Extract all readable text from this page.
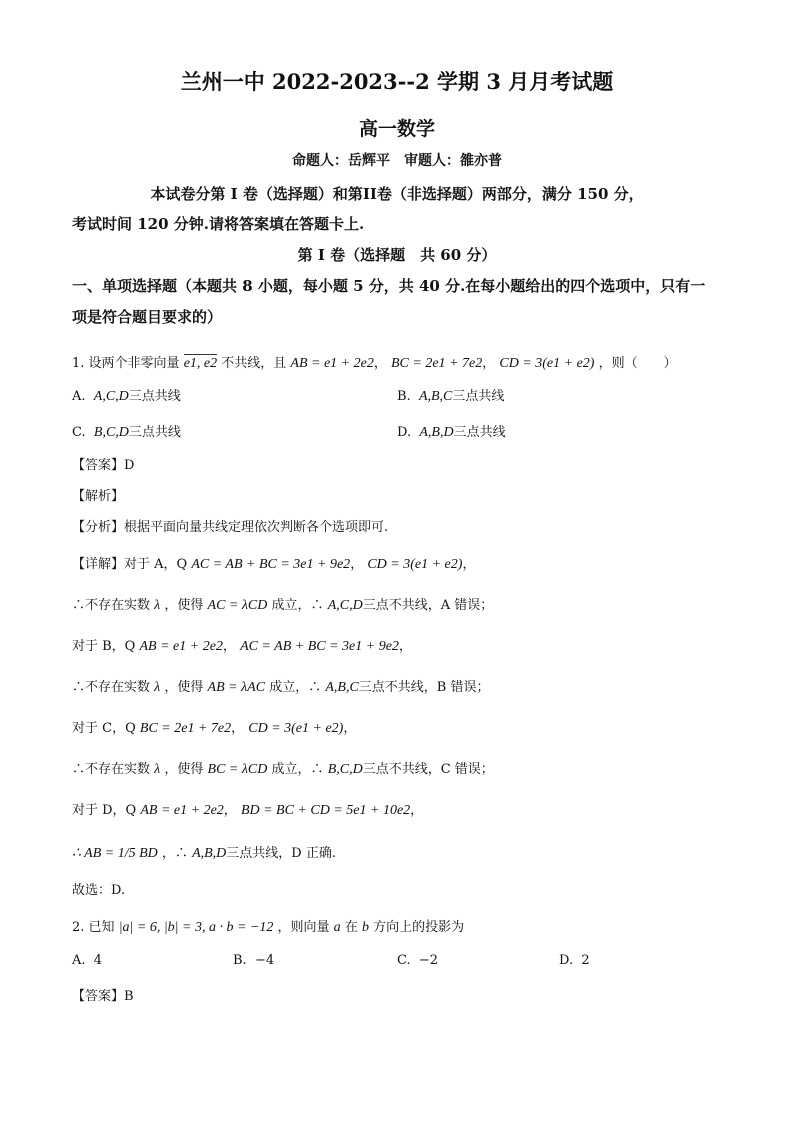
兰州一中 2022-2023--2 学期 3 月月考试题
高一数学
命题人：岳辉平　审题人：雒亦普
本试卷分第 I 卷（选择题）和第II卷（非选择题）两部分，满分 150 分，
考试时间 120 分钟.请将答案填在答题卡上.
第 I 卷（选择题　共 60 分）
一、单项选择题（本题共 8 小题，每小题 5 分，共 40 分.在每小题给出的四个选项中，只有一
项是符合题目要求的）
1. 设两个非零向量 e1, e2 不共线，且 AB = e1 + 2e2， BC = 2e1 + 7e2， CD = 3(e1 + e2) ，则（　　）
A. A,C,D三点共线	B. A,B,C三点共线
C. B,C,D三点共线	D. A,B,D三点共线
【答案】D
【解析】
【分析】根据平面向量共线定理依次判断各个选项即可.
【详解】对于 A，Q AC = AB + BC = 3e1 + 9e2， CD = 3(e1 + e2)，
∴不存在实数 λ ，使得 AC = λCD 成立，∴ A,C,D三点不共线，A 错误；
对于 B，Q AB = e1 + 2e2， AC = AB + BC = 3e1 + 9e2，
∴不存在实数 λ ，使得 AB = λAC 成立，∴ A,B,C三点不共线，B 错误；
对于 C，Q BC = 2e1 + 7e2， CD = 3(e1 + e2)，
∴不存在实数 λ ，使得 BC = λCD 成立，∴ B,C,D三点不共线，C 错误；
对于 D，Q AB = e1 + 2e2， BD = BC + CD = 5e1 + 10e2，
∴ AB = 1/5 BD ，∴ A,B,D三点共线，D 正确.
故选：D.
2. 已知 |a| = 6, |b| = 3, a · b = −12 ，则向量 a 在 b 方向上的投影为
A. 4	B. −4	C. −2	D. 2
【答案】B
